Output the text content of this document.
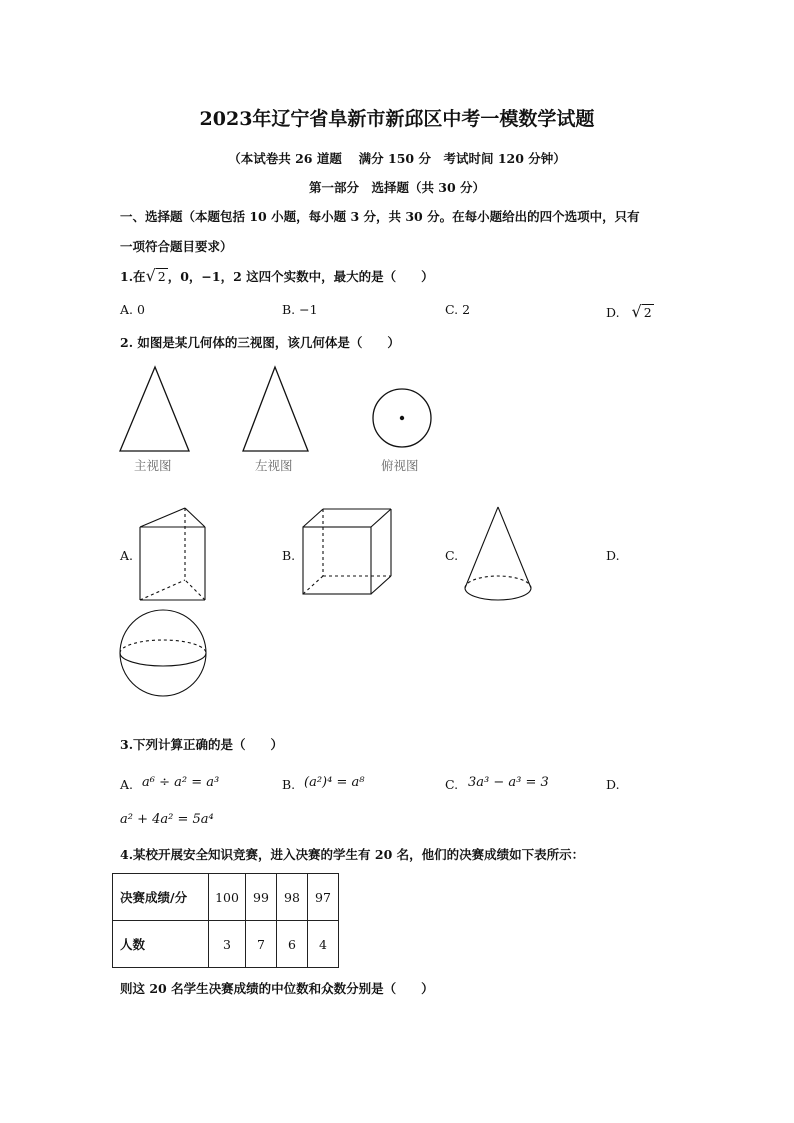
2023年辽宁省阜新市新邱区中考一模数学试题
（本试卷共 26 道题　 满分 150 分　考试时间 120 分钟）
第一部分　选择题（共 30 分）
一、选择题（本题包括 10 小题，每小题 3 分，共 30 分。在每小题给出的四个选项中，只有
一项符合题目要求）
1.在√ 2 ，0，−1，2 这四个实数中，最大的是（　　）
A. 0	B. −1	C. 2	D. √ 2
2. 如图是某几何体的三视图，该几何体是（　　）
主视图	左视图	俯视图
A.	B.	C.	D.
3.下列计算正确的是（　　）
A. a⁶ ÷ a² = a³	B. (a²)⁴ = a⁸	C. 3a³ − a³ = 3	D.
a² + 4a² = 5a⁴
4.某校开展安全知识竞赛，进入决赛的学生有 20 名，他们的决赛成绩如下表所示：
决赛成绩/分	100	99	98	97
人数	3	7	6	4
则这 20 名学生决赛成绩的中位数和众数分别是（　　）
